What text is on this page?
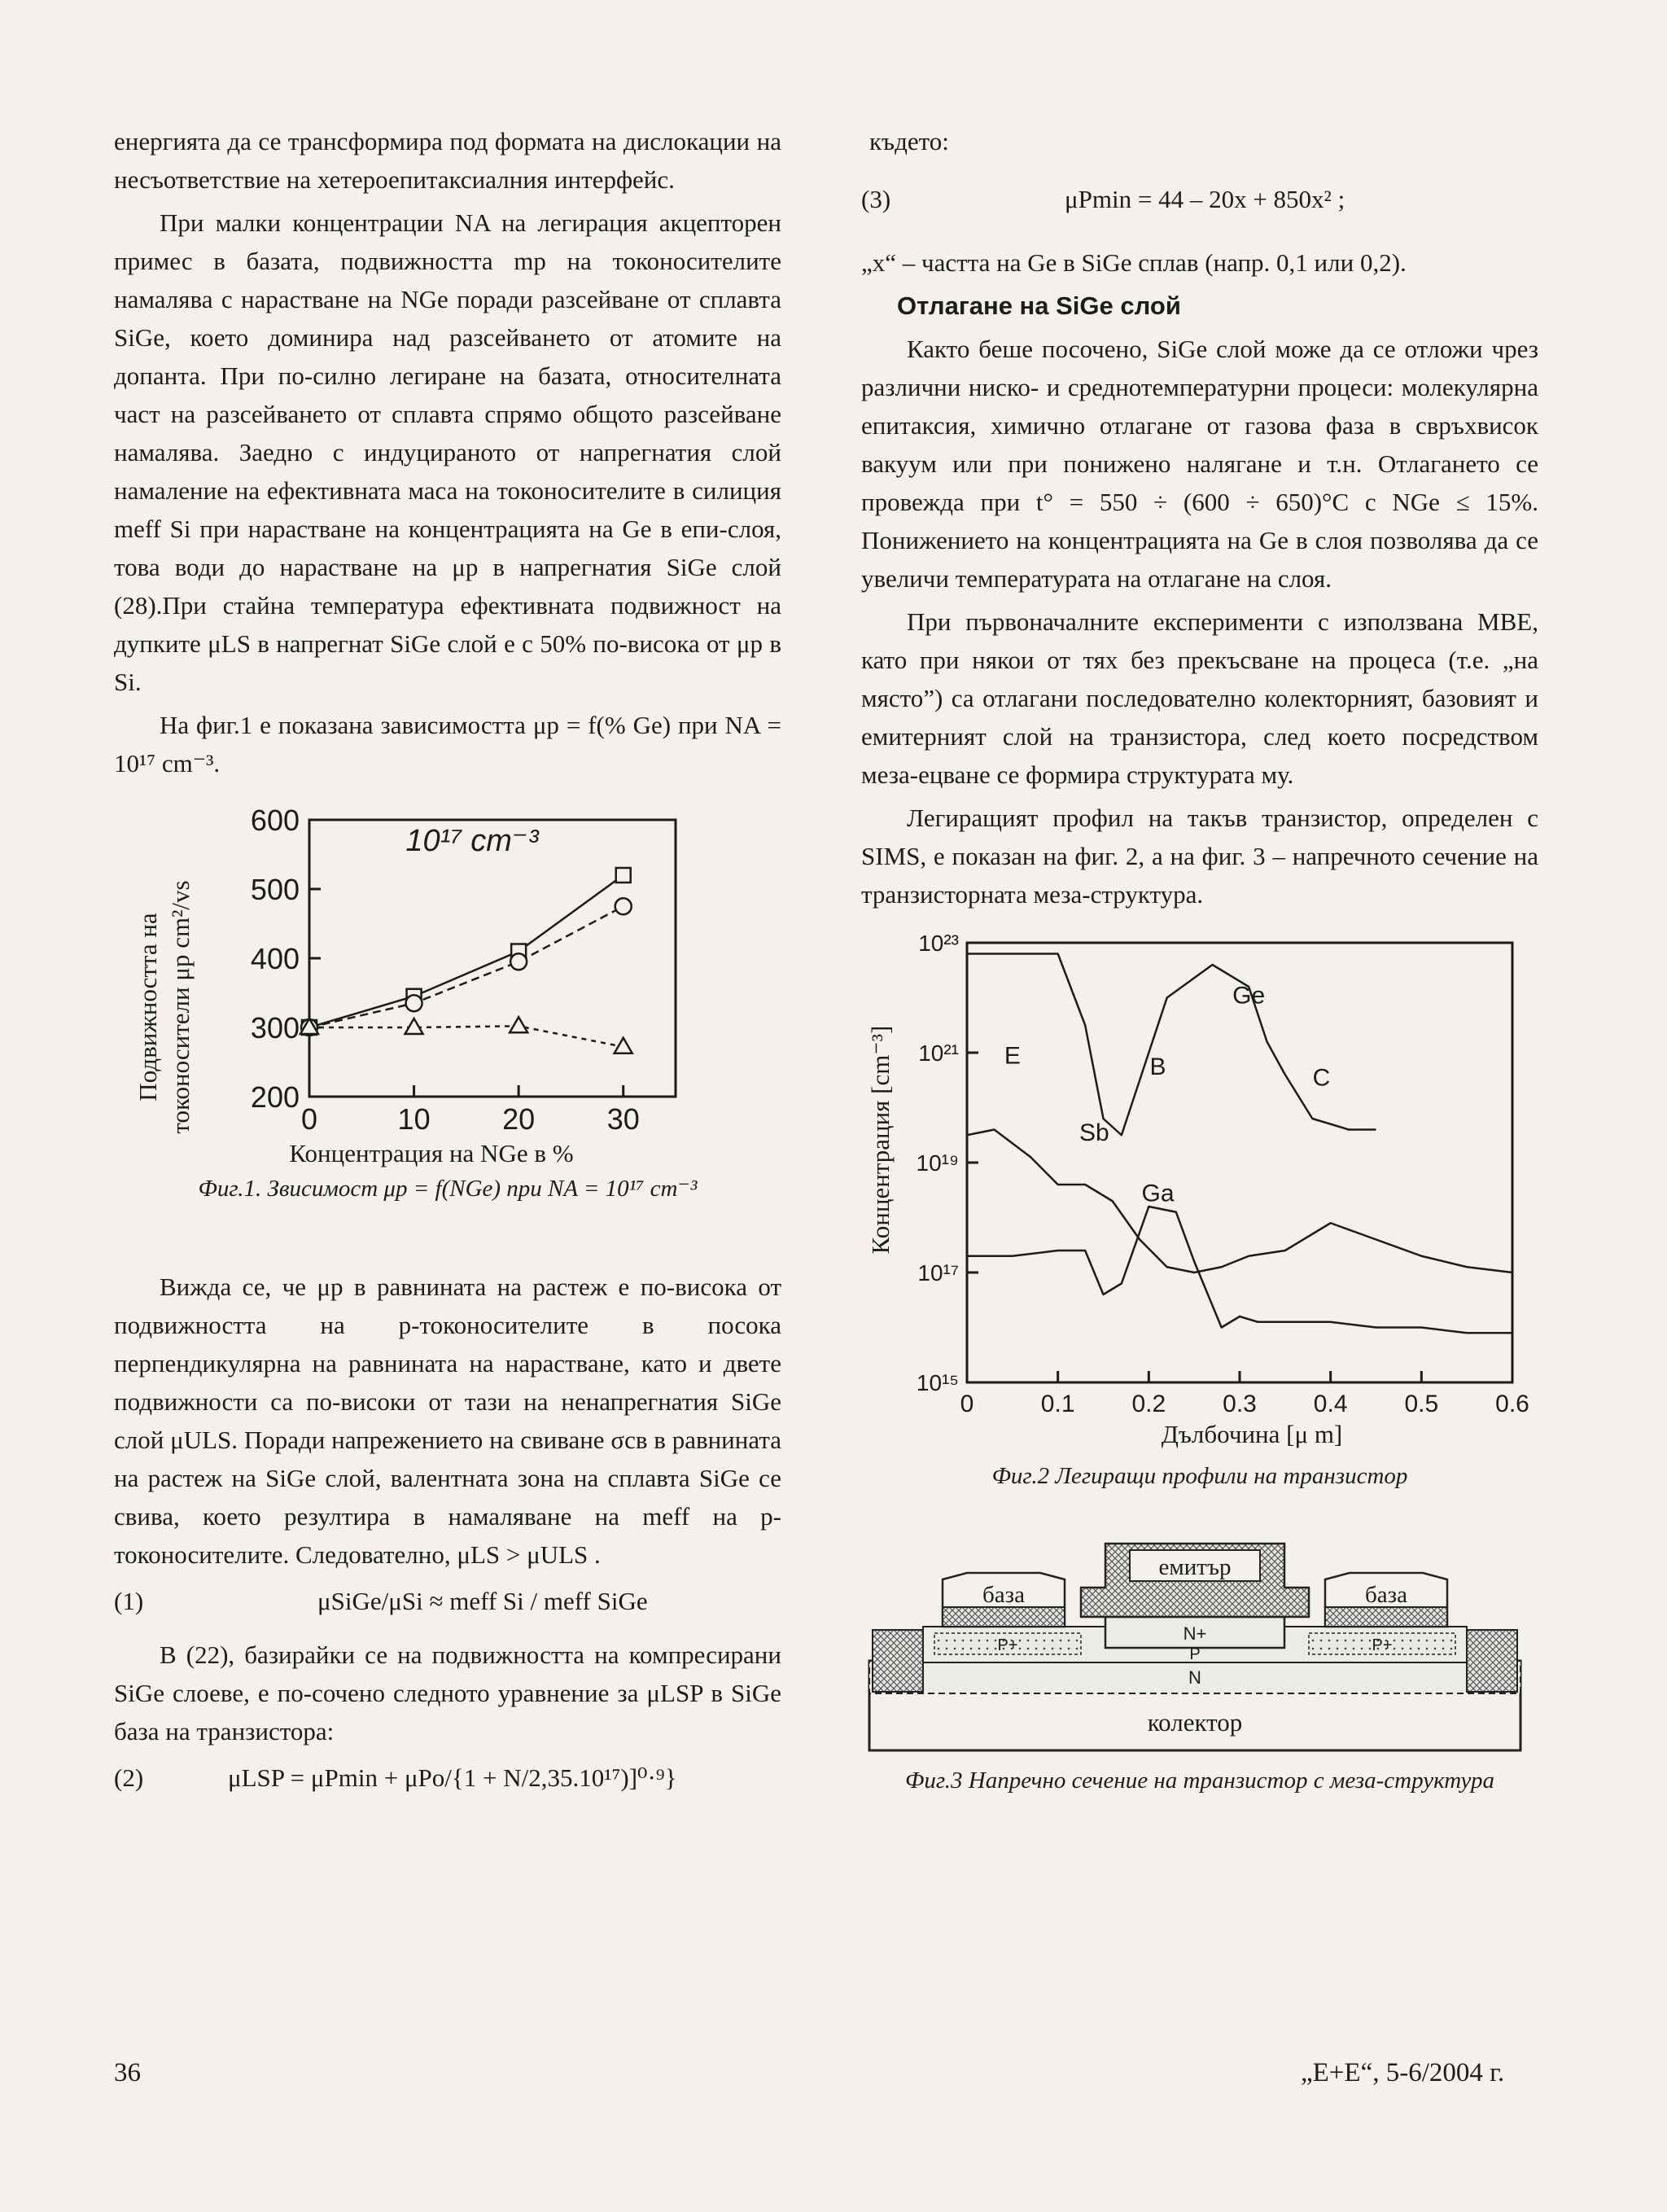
енергията да се трансформира под формата на дислокации на несъответствие на хетероепитаксиалния интерфейс.

При малки концентрации NA на легирация акцепторен примес в базата, подвижността mp на токоносителите намалява с нарастване на NGe поради разсейване от сплавта SiGe, което доминира над разсейването от атомите на допанта. При по-силно легиране на базата, относителната част на разсейването от сплавта спрямо общото разсейване намалява. Заедно с индуцираното от напрегнатия слой намаление на ефективната маса на токоносителите в силиция meff Si при нарастване на концентрацията на Ge в епи-слоя, това води до нарастване на μp в напрегнатия SiGe слой (28).При стайна температура ефективната подвижност на дупките μLS в напрегнат SiGe слой е с 50% по-висока от μp в Si.

На фиг.1 е показана зависимостта μp = f(% Ge) при NA = 10¹⁷ cm⁻³.

Подвижността на токоносители μp cm²/vs 200
300
400
500
600
0	10 20 30
10¹⁷ cm⁻³
Концентрация на NGe в %
Фиг.1. Звисимост μp = f(NGe) при NA = 10¹⁷ cm⁻³

Вижда се, че μp в равнината на растеж е по-висока от подвижността на p-токоносителите в посока перпендикулярна на равнината на нарастване, като и двете подвижности са по-високи от тази на ненапрегнатия SiGe слой μULS. Поради напрежението на свиване σсв в равнината на растеж на SiGe слой, валентната зона на сплавта SiGe се свива, което резултира в намаляване на meff на p-токоносителите. Следователно, μLS > μULS .

(1)	μSiGe/μSi ≈ meff Si / meff SiGe

В (22), базирайки се на подвижността на компресирани SiGe слоеве, е по-сочено следното уравнение за μLSP в SiGe база на транзистора:

(2)	μLSP = μPmin + μPo/{1 + N/2,35.10¹⁷)]⁰·⁹}

където:

(3)	μPmin = 44 – 20x + 850x² ;

„x“ – частта на Ge в SiGe сплав (напр. 0,1 или 0,2).

Отлагане на SiGe слой

Както беше посочено, SiGe слой може да се отложи чрез различни ниско- и среднотемпературни процеси: молекулярна епитаксия, химично отлагане от газова фаза в свръхвисок вакуум или при понижено налягане и т.н. Отлагането се провежда при t° = 550 ÷ (600 ÷ 650)°C с NGe ≤ 15%. Понижението на концентрацията на Ge в слоя позволява да се увеличи температурата на отлагане на слоя.

При първоначалните експерименти с използвана MBE, като при някои от тях без прекъсване на процеса (т.е. „на място”) са отлагани последователно колекторният, базовият и емитерният слой на транзистора, след което посредством меза-ецване се формира структурата му.

Легиращият профил на такъв транзистор, определен с SIMS, е показан на фиг. 2, а на фиг. 3 – напречното сечение на транзисторната меза-структура.

Концентрация [cm⁻³]
10¹⁵
10¹⁷
10¹⁹
10²¹
10²³
0	0.1 0.2 0.3 0.4 0.5 0.6
E	B	C
Ge
Sb
Ga
Дълбочина [μ m]
Фиг.2 Легиращи профили на транзистор
емитър
база	база
N+
P+	P+
P
N
колектор
Фиг.3 Напречно сечение на транзистор с меза-структура
36	„E+E“, 5-6/2004 г.
